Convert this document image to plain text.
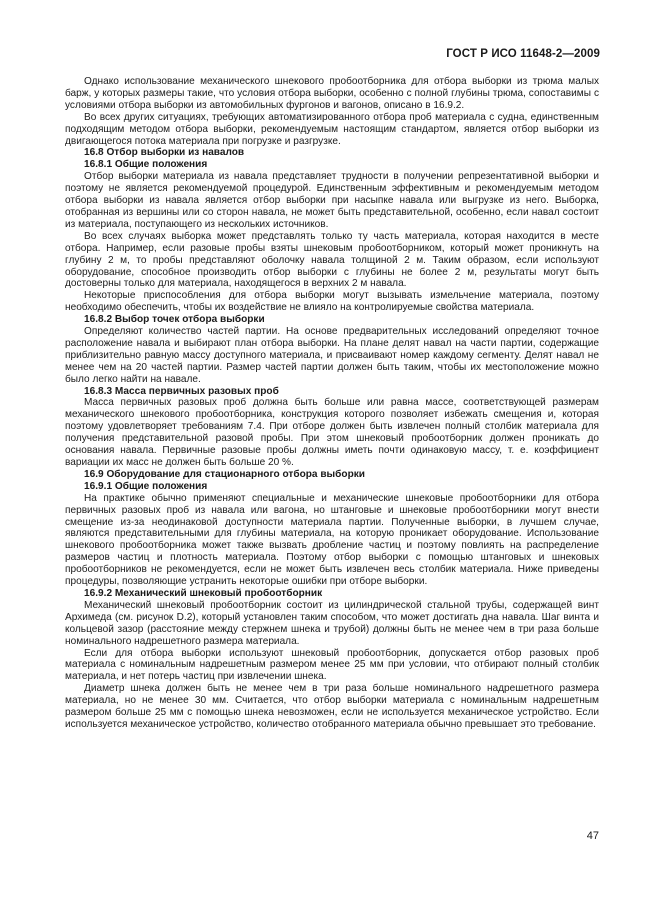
ГОСТ Р ИСО 11648-2—2009

Однако использование механического шнекового пробоотборника для отбора выборки из трюма малых барж, у которых размеры такие, что условия отбора выборки, особенно с полной глубины трюма, сопоставимы с условиями отбора выборки из автомобильных фургонов и вагонов, описано в 16.9.2.

Во всех других ситуациях, требующих автоматизированного отбора проб материала с судна, единственным подходящим методом отбора выборки, рекомендуемым настоящим стандартом, является отбор выборки из двигающегося потока материала при погрузке и разгрузке.

16.8 Отбор выборки из навалов

16.8.1 Общие положения

Отбор выборки материала из навала представляет трудности в получении репрезентативной выборки и поэтому не является рекомендуемой процедурой. Единственным эффективным и рекомендуемым методом отбора выборки из навала является отбор выборки при насыпке навала или выгрузке из него. Выборка, отобранная из вершины или со сторон навала, не может быть представительной, особенно, если навал состоит из материала, поступающего из нескольких источников.

Во всех случаях выборка может представлять только ту часть материала, которая находится в месте отбора. Например, если разовые пробы взяты шнековым пробоотборником, который может проникнуть на глубину 2 м, то пробы представляют оболочку навала толщиной 2 м. Таким образом, если используют оборудование, способное производить отбор выборки с глубины не более 2 м, результаты могут быть достоверны только для материала, находящегося в верхних 2 м навала.

Некоторые приспособления для отбора выборки могут вызывать измельчение материала, поэтому необходимо обеспечить, чтобы их воздействие не влияло на контролируемые свойства материала.

16.8.2 Выбор точек отбора выборки

Определяют количество частей партии. На основе предварительных исследований определяют точное расположение навала и выбирают план отбора выборки. На плане делят навал на части партии, содержащие приблизительно равную массу доступного материала, и присваивают номер каждому сегменту. Делят навал не менее чем на 20 частей партии. Размер частей партии должен быть таким, чтобы их местоположение можно было легко найти на навале.

16.8.3 Масса первичных разовых проб

Масса первичных разовых проб должна быть больше или равна массе, соответствующей размерам механического шнекового пробоотборника, конструкция которого позволяет избежать смещения и, которая поэтому удовлетворяет требованиям 7.4. При отборе должен быть извлечен полный столбик материала для получения представительной разовой пробы. При этом шнековый пробоотборник должен проникать до основания навала. Первичные разовые пробы должны иметь почти одинаковую массу, т. е. коэффициент вариации их масс не должен быть больше 20 %.

16.9 Оборудование для стационарного отбора выборки

16.9.1 Общие положения

На практике обычно применяют специальные и механические шнековые пробоотборники для отбора первичных разовых проб из навала или вагона, но штанговые и шнековые пробоотборники могут внести смещение из-за неодинаковой доступности материала партии. Полученные выборки, в лучшем случае, являются представительными для глубины материала, на которую проникает оборудование. Использование шнекового пробоотборника может также вызвать дробление частиц и поэтому повлиять на распределение размеров частиц и плотность материала. Поэтому отбор выборки с помощью штанговых и шнековых пробоотборников не рекомендуется, если не может быть извлечен весь столбик материала. Ниже приведены процедуры, позволяющие устранить некоторые ошибки при отборе выборки.

16.9.2 Механический шнековый пробоотборник

Механический шнековый пробоотборник состоит из цилиндрической стальной трубы, содержащей винт Архимеда (см. рисунок D.2), который установлен таким способом, что может достигать дна навала. Шаг винта и кольцевой зазор (расстояние между стержнем шнека и трубой) должны быть не менее чем в три раза больше номинального надрешетного размера материала.

Если для отбора выборки используют шнековый пробоотборник, допускается отбор разовых проб материала с номинальным надрешетным размером менее 25 мм при условии, что отбирают полный столбик материала, и нет потерь частиц при извлечении шнека.

Диаметр шнека должен быть не менее чем в три раза больше номинального надрешетного размера материала, но не менее 30 мм. Считается, что отбор выборки материала с номинальным надрешетным размером больше 25 мм с помощью шнека невозможен, если не используется механическое устройство. Если используется механическое устройство, количество отобранного материала обычно превышает это требование.

47
